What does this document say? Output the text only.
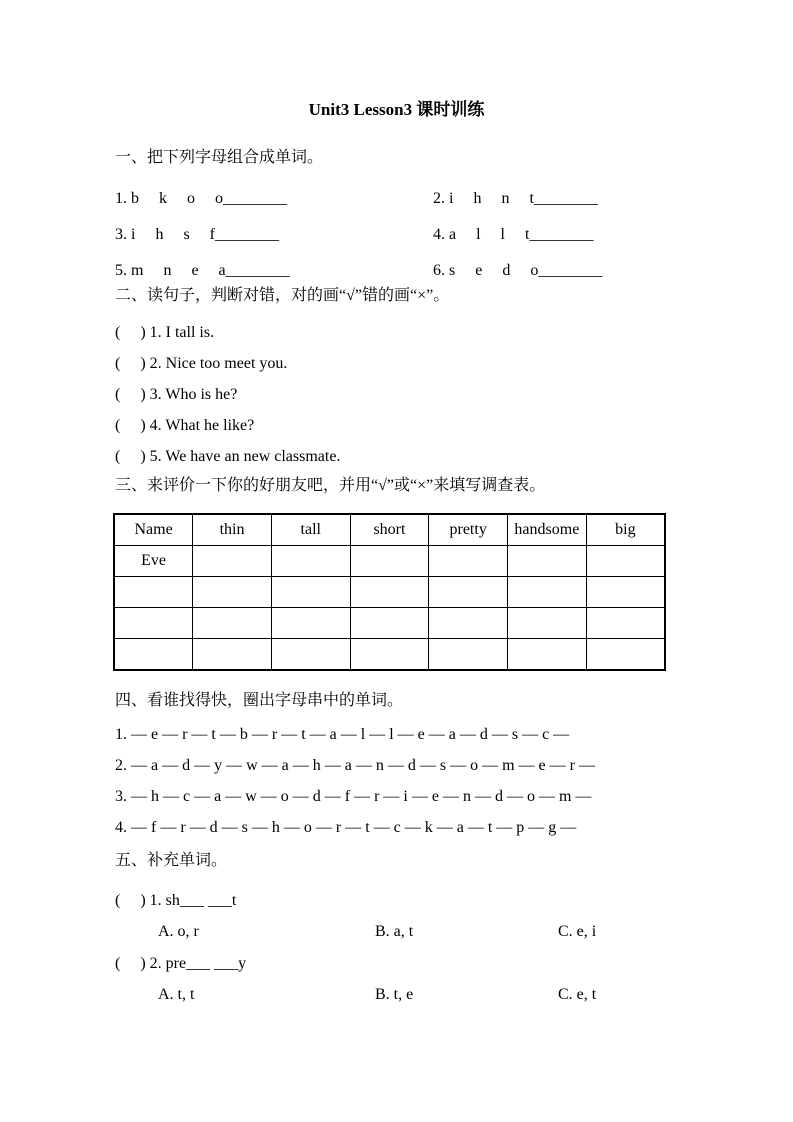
Unit3 Lesson3 课时训练
一、把下列字母组合成单词。
1. b     k     o     o________	2. i     h     n     t________
3. i     h     s     f________	4. a     l     l     t________
5. m     n     e     a________	6. s     e     d     o________
二、读句子，判断对错，对的画“√”错的画“×”。
(     ) 1. I tall is.
(     ) 2. Nice too meet you.
(     ) 3. Who is he?
(     ) 4. What he like?
(     ) 5. We have an new classmate.
三、来评价一下你的好朋友吧，并用“√”或“×”来填写调查表。
Name	thin	tall	short	pretty	handsome	big
Eve						

四、看谁找得快，圈出字母串中的单词。
1. — e — r — t — b — r — t — a — l — l — e — a — d — s — c —
2. — a — d — y — w — a — h — a — n — d — s — o — m — e — r —
3. — h — c — a — w — o — d — f — r — i — e — n — d — o — m —
4. — f — r — d — s — h — o — r — t — c — k — a — t — p — g —
五、补充单词。
(     ) 1. sh___ ___t
A. o, r	B. a, t	C. e, i
(     ) 2. pre___ ___y
A. t, t	B. t, e	C. e, t
